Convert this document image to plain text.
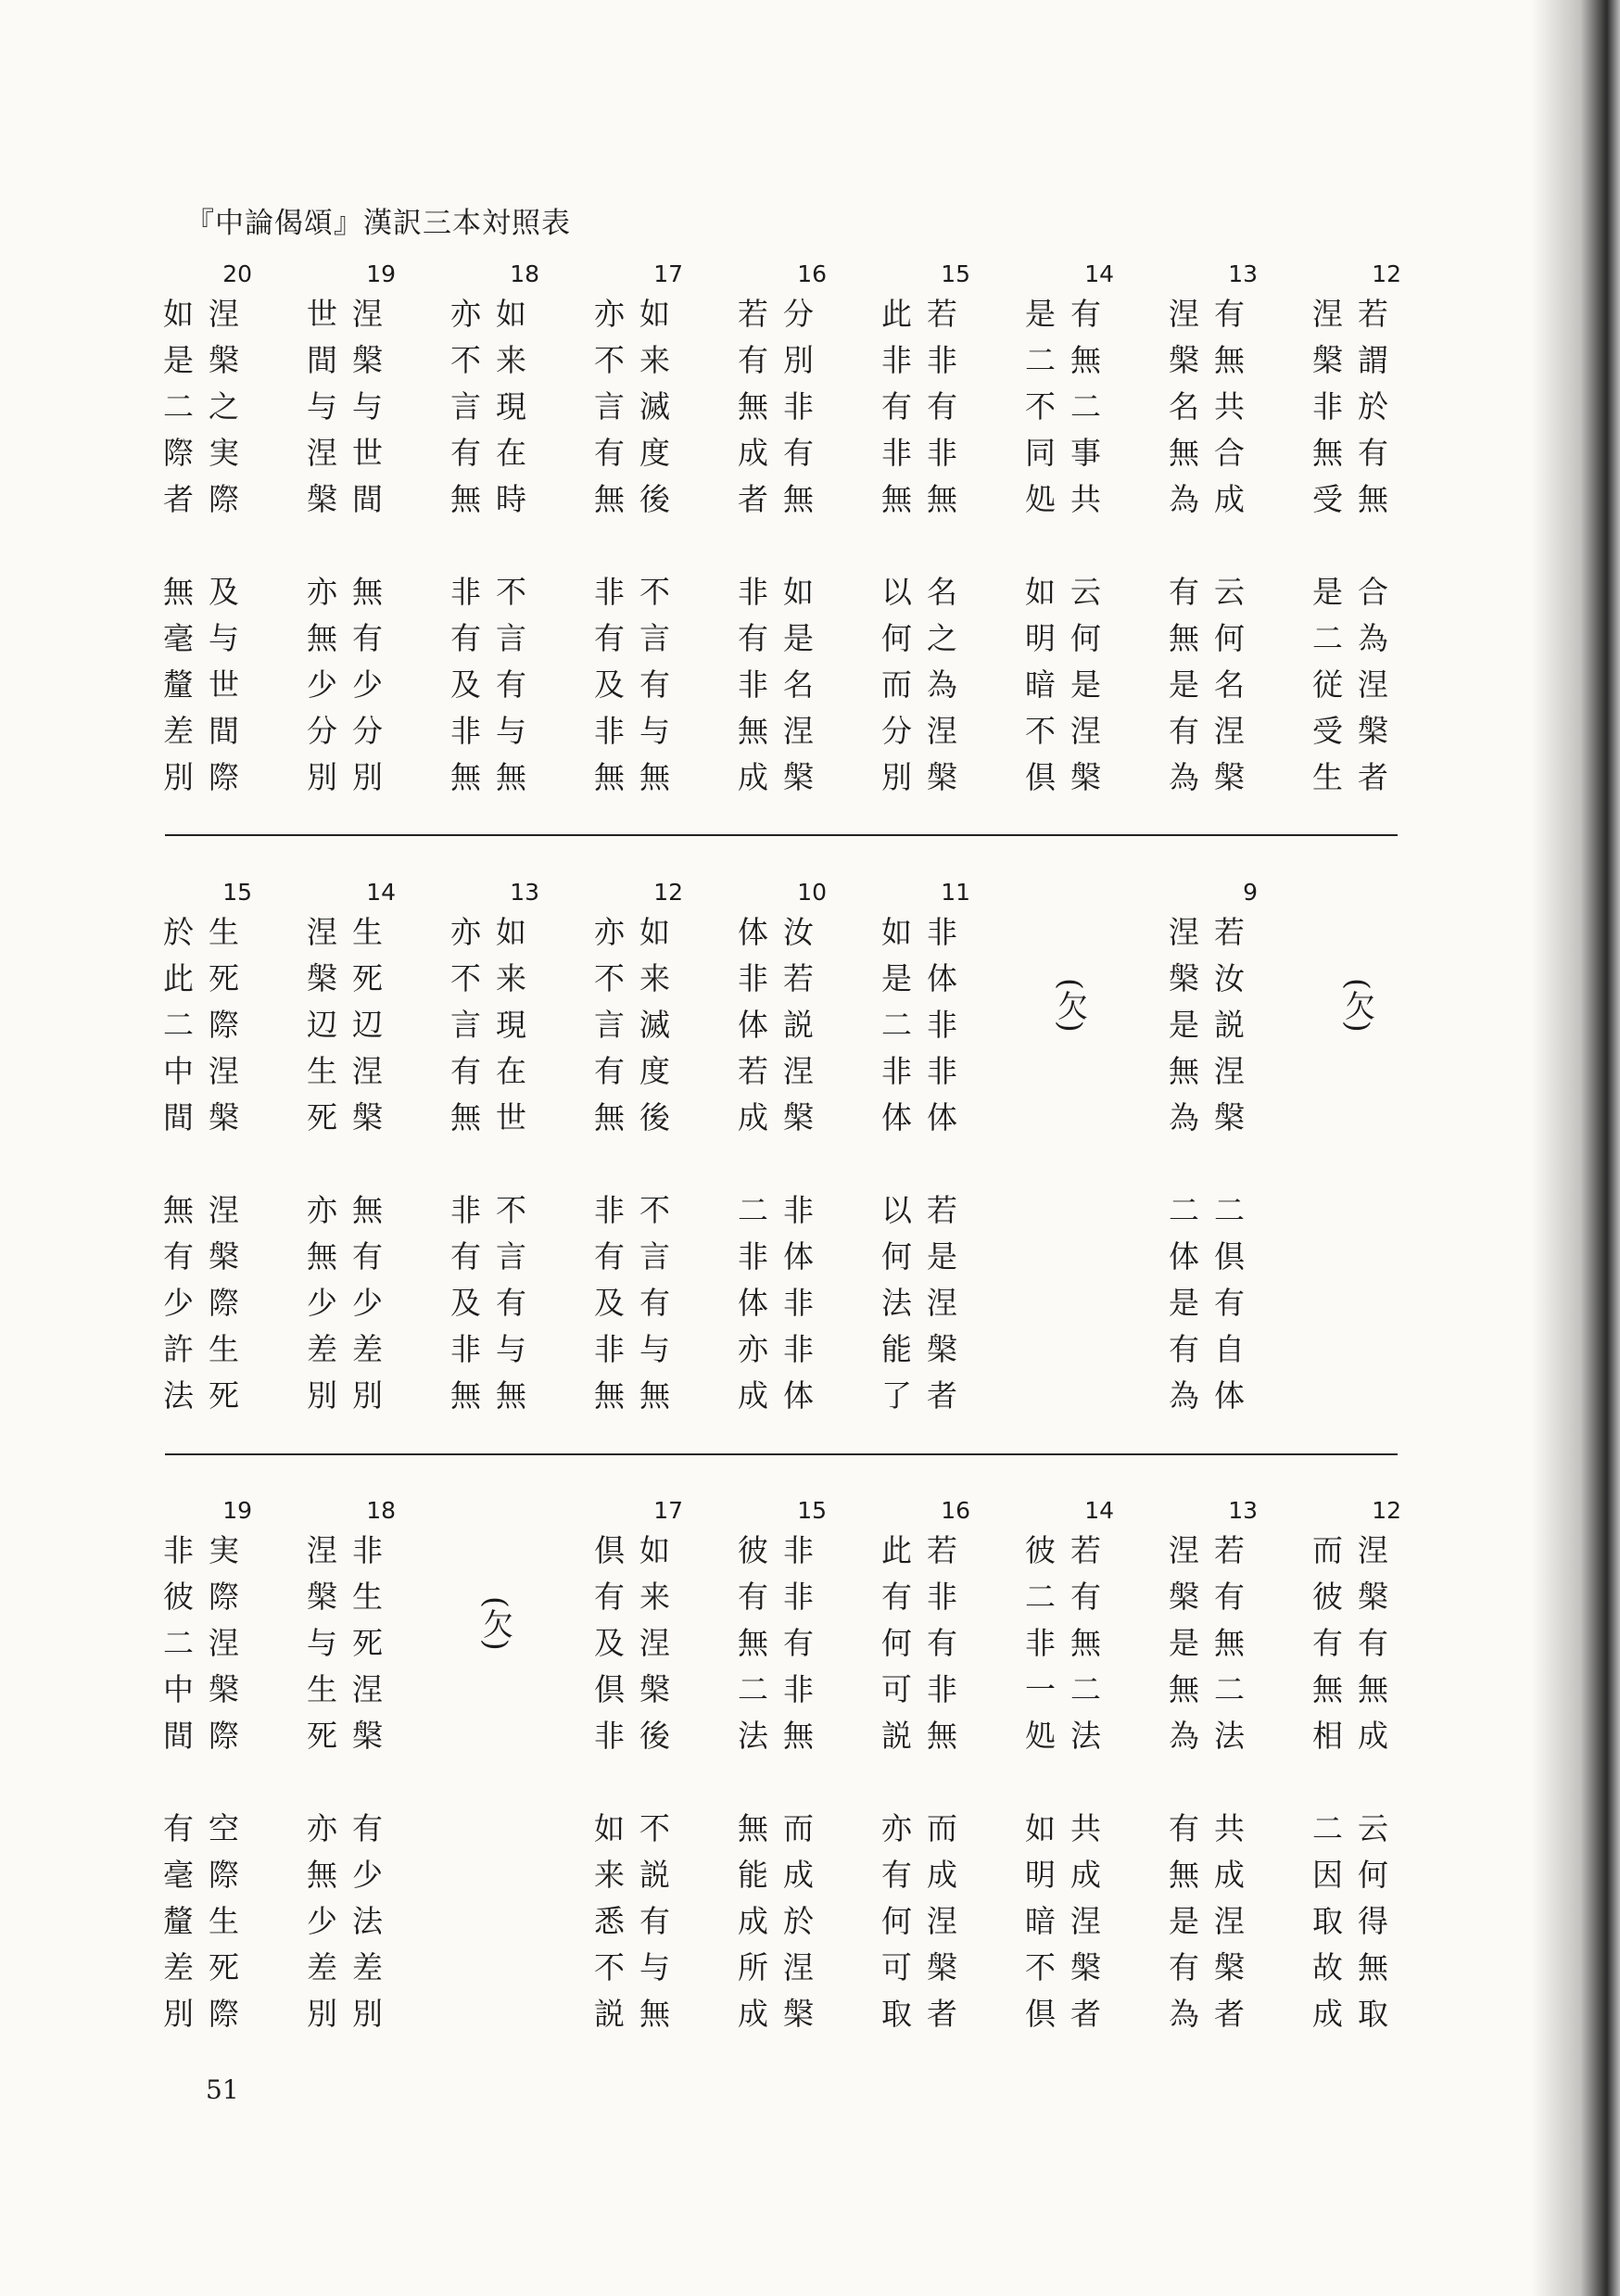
『中論偈頌』漢訳三本対照表
20
如涅
是槃
二之
際実
者際
無及
毫与
釐世
差間
別際
19
世涅
間槃
与与
涅世
槃間
亦無
無有
少少
分分
別別
18
亦如
不来
言現
有在
無時
非不
有言
及有
非与
無無
17
亦如
不来
言滅
有度
無後
非不
有言
及有
非与
無無
16
若分
有別
無非
成有
者無
非如
有是
非名
無涅
成槃
15
此若
非非
有有
非非
無無
以名
何之
而為
分涅
別槃
14
是有
二無
不二
同事
処共
如云
明何
暗是
不涅
倶槃
13
涅有
槃無
名共
無合
為成
有云
無何
是名
有涅
為槃
12
涅若
槃謂
非於
無有
受無
是合
二為
従涅
受槃
生者
15
於生
此死
二際
中涅
間槃
無涅
有槃
少際
許生
法死
14
涅生
槃死
辺辺
生涅
死槃
亦無
無有
少少
差差
別別
13
亦如
不来
言現
有在
無世
非不
有言
及有
非与
無無
12
亦如
不来
言滅
有度
無後
非不
有言
及有
非与
無無
10
体汝
非若
体説
若涅
成槃
二非
非体
体非
亦非
成体
11
如非
是体
二非
非非
体体
以若
何是
法涅
能槃
了者
(欠)
9
涅若
槃汝
是説
無涅
為槃
二二
体倶
是有
有自
為体
(欠)
19
非実
彼際
二涅
中槃
間際
有空
毫際
釐生
差死
別際
18
涅非
槃生
与死
生涅
死槃
亦有
無少
少法
差差
別別
(欠)
17
倶如
有来
及涅
倶槃
非後
如不
来説
悉有
不与
説無
15
彼非
有非
無有
二非
法無
無而
能成
成於
所涅
成槃
16
此若
有非
何有
可非
説無
亦而
有成
何涅
可槃
取者
14
彼若
二有
非無
一二
処法
如共
明成
暗涅
不槃
倶者
13
涅若
槃有
是無
無二
為法
有共
無成
是涅
有槃
為者
12
而涅
彼槃
有有
無無
相成
二云
因何
取得
故無
成取
51
